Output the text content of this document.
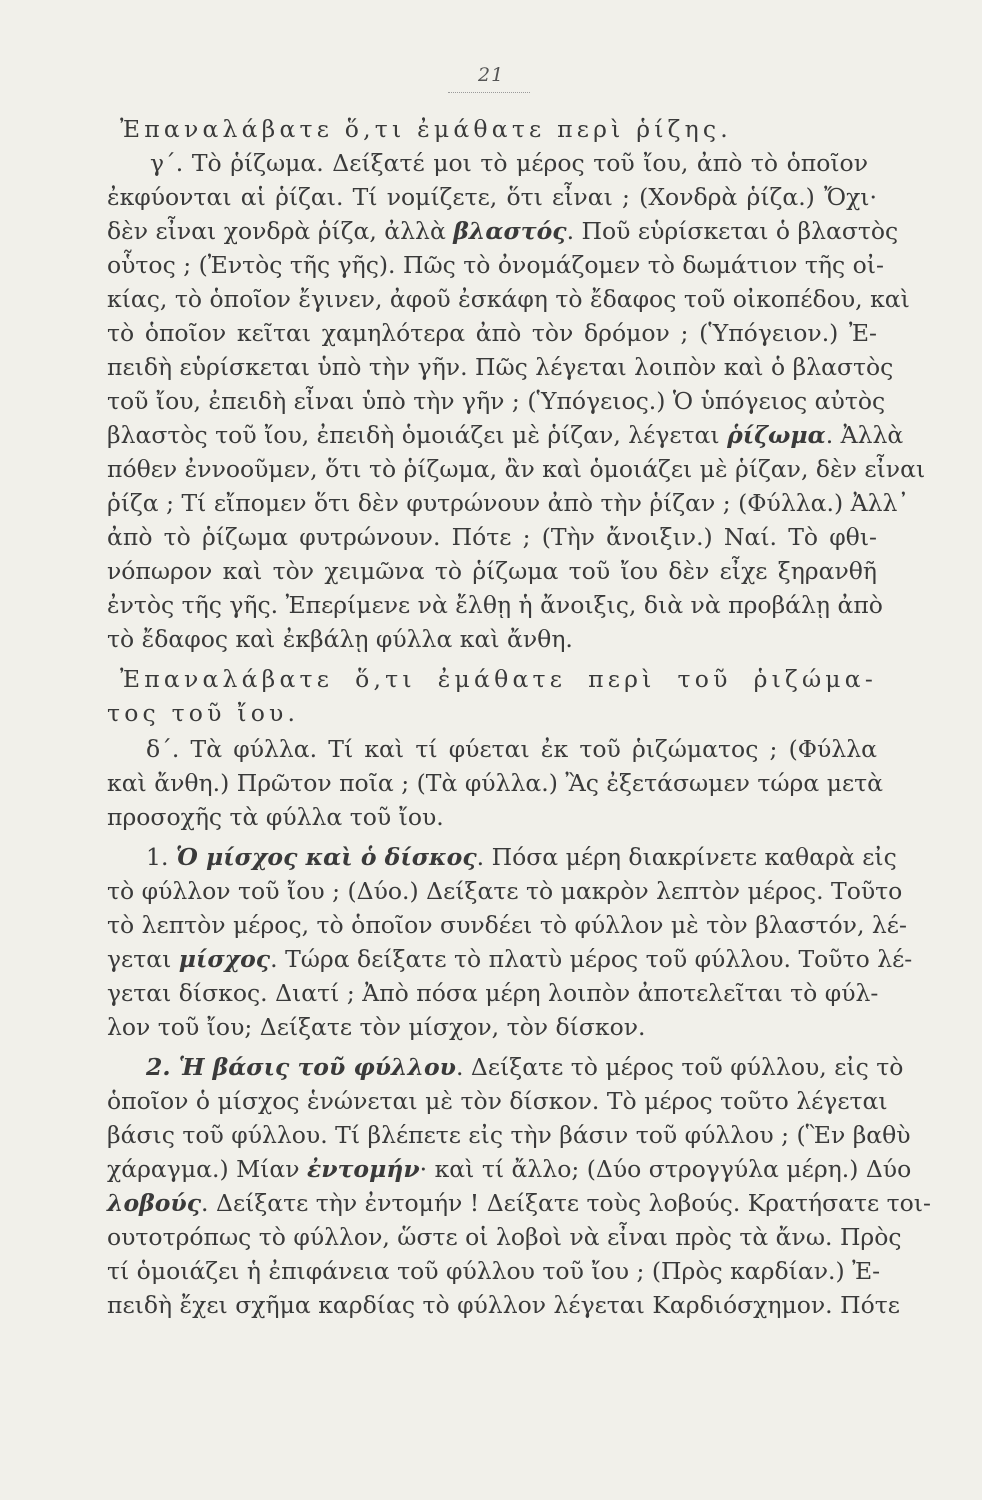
21
Ἐπαναλάβατε ὅ,τι ἐμάθατε περὶ ῥίζης.
γ΄. Τὸ ῥίζωμα. Δείξατέ μοι τὸ μέρος τοῦ ἴου, ἀπὸ τὸ ὁποῖον
ἐκφύονται αἱ ῥίζαι. Τί νομίζετε, ὅτι εἶναι ; (Χονδρὰ ῥίζα.) Ὄχι·
δὲν εἶναι χονδρὰ ῥίζα, ἀλλὰ βλαστός. Ποῦ εὑρίσκεται ὁ βλαστὸς
οὗτος ; (Ἐντὸς τῆς γῆς). Πῶς τὸ ὀνομάζομεν τὸ δωμάτιον τῆς οἰ-
κίας, τὸ ὁποῖον ἔγινεν, ἀφοῦ ἐσκάφη τὸ ἔδαφος τοῦ οἰκοπέδου, καὶ
τὸ ὁποῖον κεῖται χαμηλότερα ἀπὸ τὸν δρόμον ; (Ὑπόγειον.) Ἐ-
πειδὴ εὑρίσκεται ὑπὸ τὴν γῆν. Πῶς λέγεται λοιπὸν καὶ ὁ βλαστὸς
τοῦ ἴου, ἐπειδὴ εἶναι ὑπὸ τὴν γῆν ; (Ὑπόγειος.) Ὁ ὑπόγειος αὐτὸς
βλαστὸς τοῦ ἴου, ἐπειδὴ ὁμοιάζει μὲ ῥίζαν, λέγεται ῥίζωμα. Ἀλλὰ
πόθεν ἐννοοῦμεν, ὅτι τὸ ῥίζωμα, ἂν καὶ ὁμοιάζει μὲ ῥίζαν, δὲν εἶναι
ῥίζα ; Τί εἴπομεν ὅτι δὲν φυτρώνουν ἀπὸ τὴν ῥίζαν ; (Φύλλα.) Ἀλλ᾽
ἀπὸ τὸ ῥίζωμα φυτρώνουν. Πότε ; (Τὴν ἄνοιξιν.) Ναί. Τὸ φθι-
νόπωρον καὶ τὸν χειμῶνα τὸ ῥίζωμα τοῦ ἴου δὲν εἶχε ξηρανθῆ
ἐντὸς τῆς γῆς. Ἐπερίμενε νὰ ἔλθῃ ἡ ἄνοιξις, διὰ νὰ προβάλῃ ἀπὸ
τὸ ἔδαφος καὶ ἐκβάλῃ φύλλα καὶ ἄνθη.
Ἐπαναλάβατε ὅ,τι ἐμάθατε περὶ τοῦ ῥιζώμα-
τος τοῦ ἴου.
δ΄. Τὰ φύλλα. Τί καὶ τί φύεται ἐκ τοῦ ῥιζώματος ; (Φύλλα
καὶ ἄνθη.) Πρῶτον ποῖα ; (Τὰ φύλλα.) Ἂς ἐξετάσωμεν τώρα μετὰ
προσοχῆς τὰ φύλλα τοῦ ἴου.
1. Ὁ μίσχος καὶ ὁ δίσκος. Πόσα μέρη διακρίνετε καθαρὰ εἰς
τὸ φύλλον τοῦ ἴου ; (Δύο.) Δείξατε τὸ μακρὸν λεπτὸν μέρος. Τοῦτο
τὸ λεπτὸν μέρος, τὸ ὁποῖον συνδέει τὸ φύλλον μὲ τὸν βλαστόν, λέ-
γεται μίσχος. Τώρα δείξατε τὸ πλατὺ μέρος τοῦ φύλλου. Τοῦτο λέ-
γεται δίσκος. Διατί ; Ἀπὸ πόσα μέρη λοιπὸν ἀποτελεῖται τὸ φύλ-
λον τοῦ ἴου; Δείξατε τὸν μίσχον, τὸν δίσκον.
2. Ἡ βάσις τοῦ φύλλου. Δείξατε τὸ μέρος τοῦ φύλλου, εἰς τὸ
ὁποῖον ὁ μίσχος ἑνώνεται μὲ τὸν δίσκον. Τὸ μέρος τοῦτο λέγεται
βάσις τοῦ φύλλου. Τί βλέπετε εἰς τὴν βάσιν τοῦ φύλλου ; (Ἓν βαθὺ
χάραγμα.) Μίαν ἐντομήν· καὶ τί ἄλλο; (Δύο στρογγύλα μέρη.) Δύο
λοβούς. Δείξατε τὴν ἐντομήν ! Δείξατε τοὺς λοβούς. Κρατήσατε τοι-
ουτοτρόπως τὸ φύλλον, ὥστε οἱ λοβοὶ νὰ εἶναι πρὸς τὰ ἄνω. Πρὸς
τί ὁμοιάζει ἡ ἐπιφάνεια τοῦ φύλλου τοῦ ἴου ; (Πρὸς καρδίαν.) Ἐ-
πειδὴ ἔχει σχῆμα καρδίας τὸ φύλλον λέγεται Καρδιόσχημον. Πότε
